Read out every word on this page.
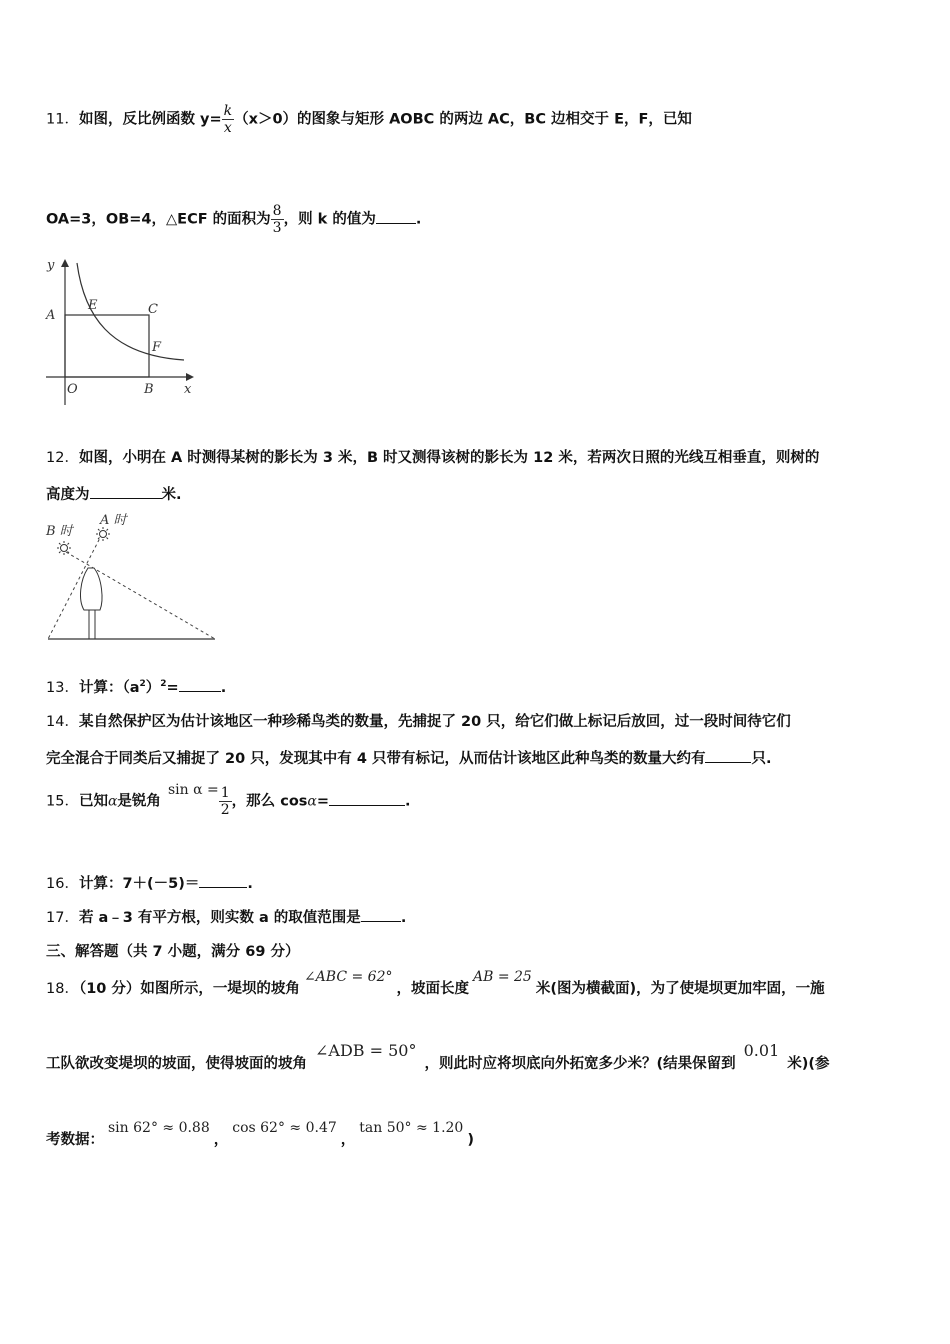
11．如图，反比例函数 $y= \frac{k}{x} (x>0)$的图象与矩形 AOBC 的两边 AC，BC 边相交于 E，F，已知
OA=3，OB=4，△ECF 的面积为 $\frac{8}{3}$ ，则 k 的值为	.
y
A
E	C
F
O	B x
12．如图，小明在 A 时测得某树的影长为 3 米，B 时又测得该树的影长为 12 米，若两次日照的光线互相垂直，则树的
高度为	米.
B 时
A 时
13．计算：$(a^2)^2=$	.
14．某自然保护区为估计该地区一种珍稀鸟类的数量，先捕捉了 20 只，给它们做上标记后放回，过一段时间待它们
完全混合于同类后又捕捉了 20 只，发现其中有 4 只带有标记，从而估计该地区此种鸟类的数量大约有	只.
15．已知α是锐角 $\sin \alpha = \frac{1}{2}$ ，那么 cosα=	.
16．计算：7＋(－5)＝	.
17．若 a﹣3 有平方根，则实数 a 的取值范围是	.
三、解答题（共 7 小题，满分 69 分）
18．（10 分）如图所示，一堤坝的坡角∠ABC = 62°，坡面长度AB = 25米(图为横截面)，为了使堤坝更加牢固，一施
工队欲改变堤坝的坡面，使得坡面的坡角∠ADB = 50°，则此时应将坝底向外拓宽多少米？(结果保留到0.01米)(参
考数据：sin 62° ≈ 0.88，cos 62° ≈ 0.47，tan 50° ≈ 1.20)
